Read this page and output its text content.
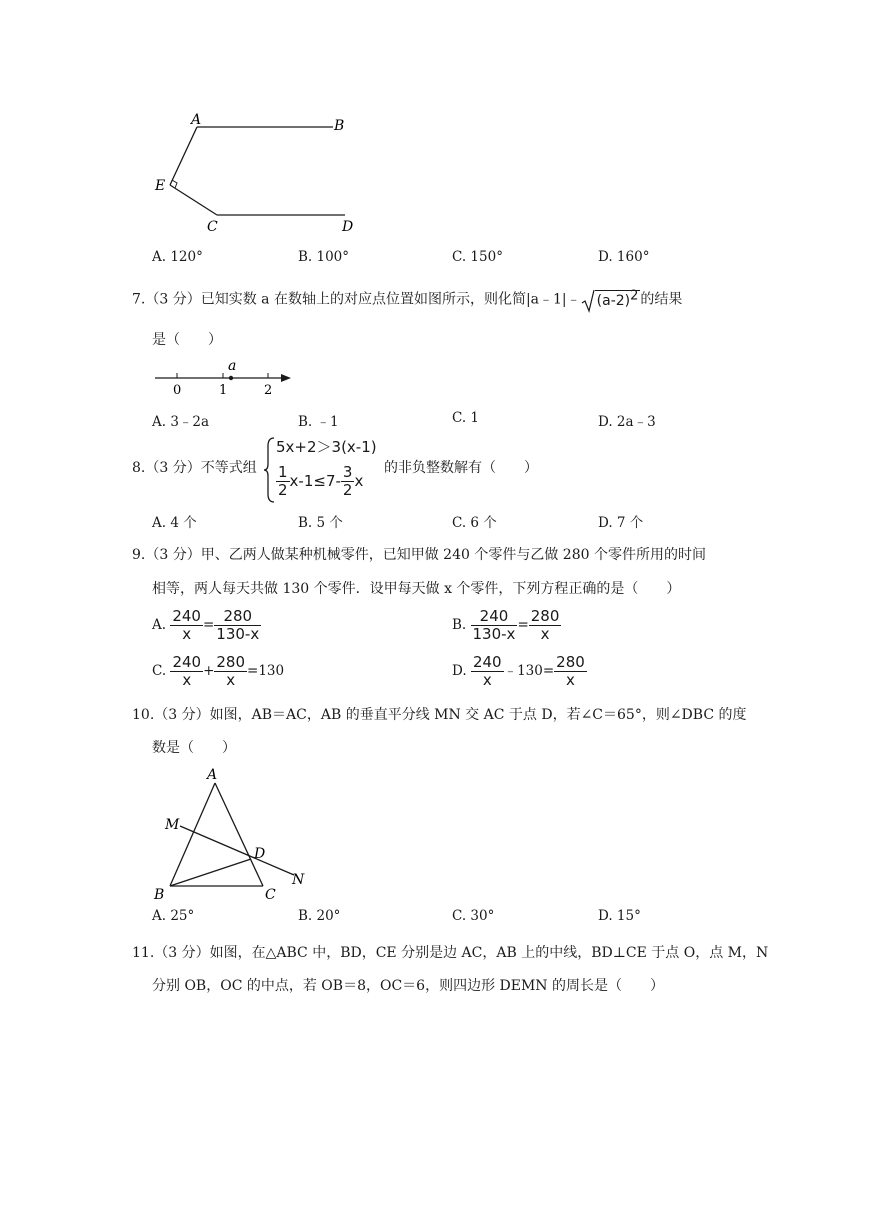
A	B
E
C	D
A. 120°	B. 100°	C. 150°	D. 160°
7.（3 分）已知实数 a 在数轴上的对应点位置如图所示，则化简|a﹣1|﹣ $(a-2)^2$ 的结果
是（　　）
a
0	1	2
A. 3﹣2a	B. ﹣1	C. 1	D. 2a﹣3
8.（3 分）不等式组
5x+2＞3(x-1)
$\frac{1}{2} x-1\le 7- \frac{3}{2}$ x
的非负整数解有（　　）
A. 4 个	B. 5 个	C. 6 个	D. 7 个
9.（3 分）甲、乙两人做某种机械零件，已知甲做 240 个零件与乙做 280 个零件所用的时间
相等，两人每天共做 130 个零件．设甲每天做 x 个零件，下列方程正确的是（　　）
A. $\frac{240}{x} = \frac{280}{130-x}$	B. $\frac{240}{130-x} = \frac{280}{x}$
C. $\frac{240}{x} + \frac{280}{x} =130$	D. $\frac{240}{x}$ ﹣130= $\frac{280}{x}$
10.（3 分）如图，AB＝AC，AB 的垂直平分线 MN 交 AC 于点 D，若∠C＝65°，则∠DBC 的度
数是（　　）
A
M
D
N
B	C
A. 25°	B. 20°	C. 30°	D. 15°
11.（3 分）如图，在△ABC 中，BD，CE 分别是边 AC，AB 上的中线，BD⊥CE 于点 O，点 M，N
分别 OB，OC 的中点，若 OB＝8，OC＝6，则四边形 DEMN 的周长是（　　）
